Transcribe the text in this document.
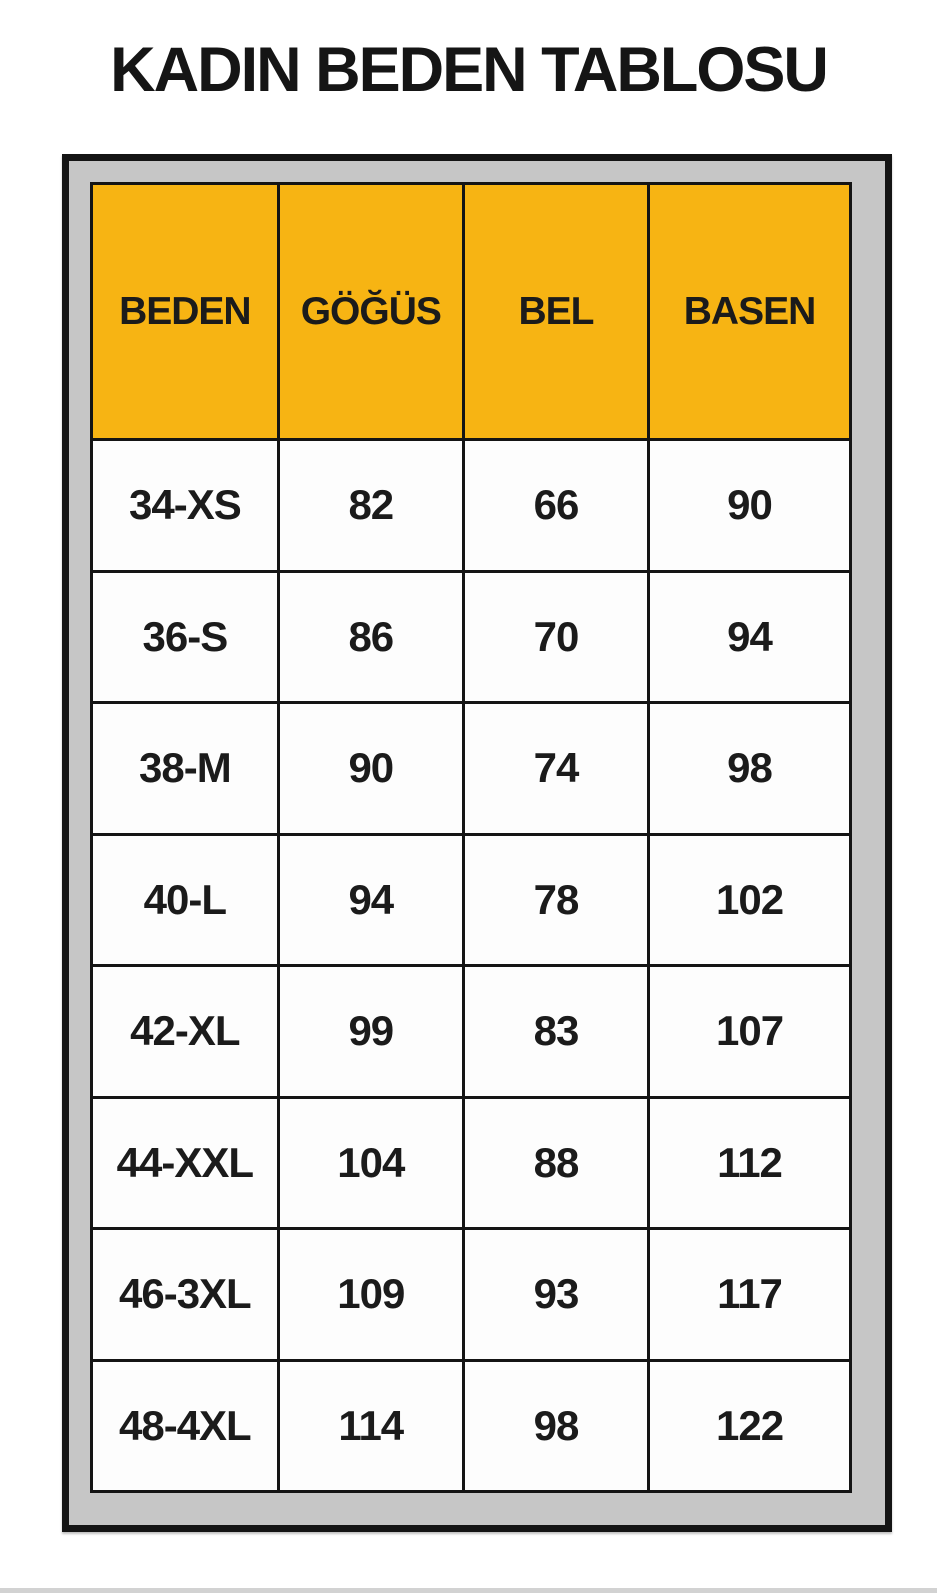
KADIN BEDEN TABLOSU
BEDEN	GÖĞÜS	BEL	BASEN
34-XS	82	66	90
36-S	86	70	94
38-M	90	74	98
40-L	94	78	102
42-XL	99	83	107
44-XXL	104	88	112
46-3XL	109	93	117
48-4XL	114	98	122
